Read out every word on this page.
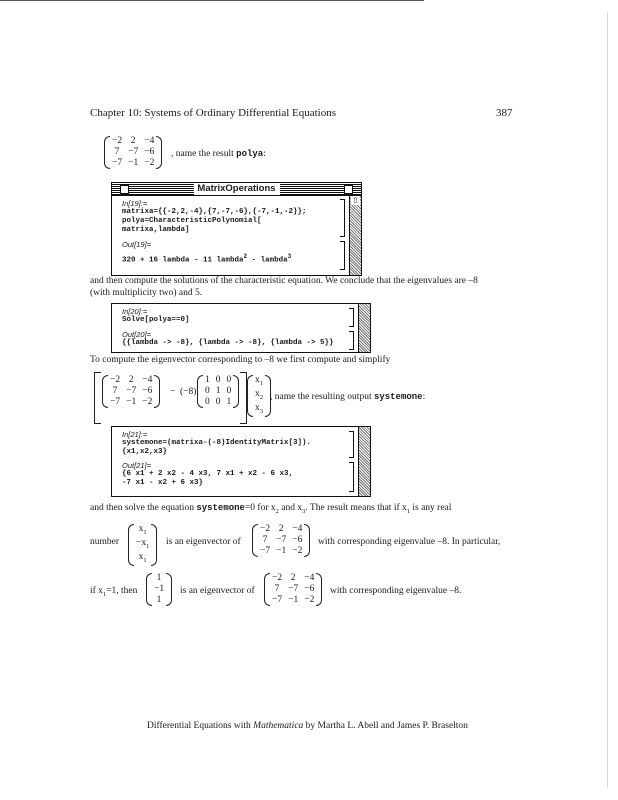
Chapter 10: Systems of Ordinary Differential Equations	387
−2 2 −4
7 −7 −6
−7 −1 −2
, name the result polya:
MatrixOperations
⇧
In[19]:=
matrixa={{-2,2,-4},{7,-7,-6},{-7,-1,-2}};
polya=CharacteristicPolynomial[
matrixa,lambda]
Out[19]=
320 + 16 lambda - 11 lambda$^2$ - lambda$^3$
and then compute the solutions of the characteristic equation. We conclude that the eigenvalues are –8
(with multiplicity two) and 5.
In[20]:=
Solve[polya==0]
Out[20]=
{{lambda -> -8}, {lambda -> -8}, {lambda -> 5}}
To compute the eigenvector corresponding to –8 we first compute and simplify
−2 2 −4
7 −7 −6
−7 −1 −2
− (−8)
1 0 0
0 1 0
0 0 1
$x_1$
$x_2$
$x_3$
, name the resulting output systemone:
In[21]:=
systemone=(matrixa-(-8)IdentityMatrix[3]).
{x1,x2,x3}
Out[21]=
{6 x1 + 2 x2 - 4 x3, 7 x1 + x2 - 6 x3,
-7 x1 - x2 + 6 x3}
and then solve the equation systemone=0 for $x_2$ and $x_3$. The result means that if $x_1$ is any real
number
$x_1$
$-x_1$
$x_1$
is an eigenvector of
−2 2 −4
7 −7 −6
−7 −1 −2
with corresponding eigenvalue –8. In particular,
if $x_1=1$, then
1
−1
1
is an eigenvector of
−2 2 −4
7 −7 −6
−7 −1 −2
with corresponding eigenvalue –8.
Differential Equations with Mathematica by Martha L. Abell and James P. Braselton
